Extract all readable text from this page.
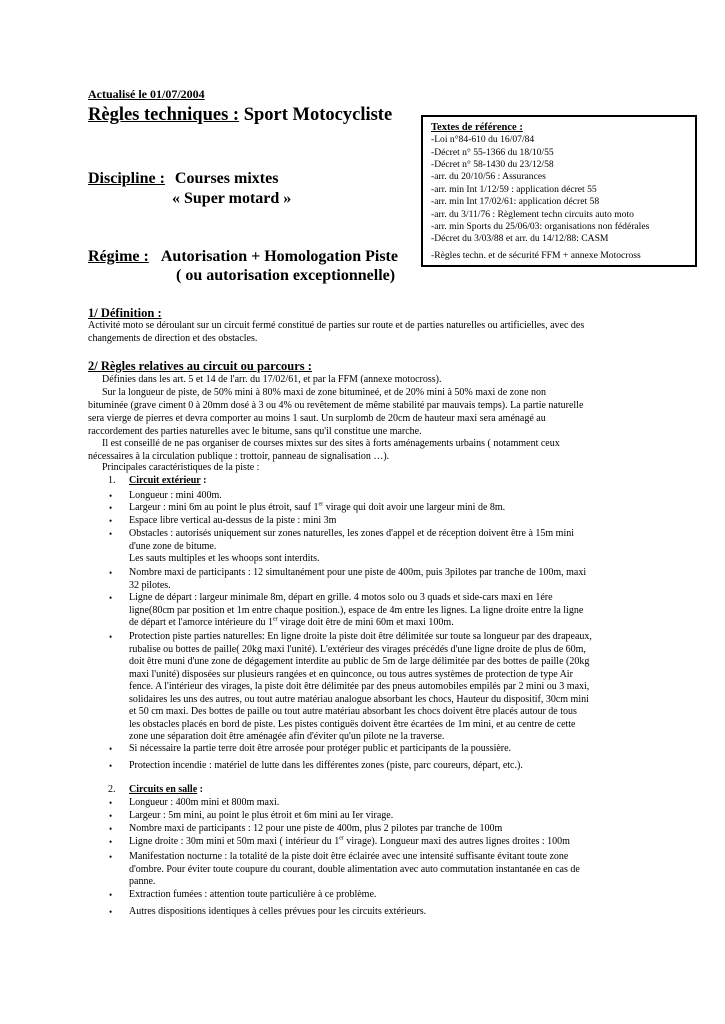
Actualisé le 01/07/2004
Règles techniques : Sport Motocycliste
Discipline : Courses mixtes
« Super motard »
Régime : Autorisation + Homologation Piste
( ou autorisation exceptionnelle)
Textes de référence :
-Loi n°84-610 du 16/07/84
-Décret n° 55-1366 du 18/10/55
-Décret n° 58-1430 du 23/12/58
-arr. du 20/10/56 : Assurances
-arr. min Int 1/12/59 : application décret 55
-arr. min Int 17/02/61: application décret 58
-arr. du 3/11/76 : Règlement techn circuits auto moto
-arr. min Sports du 25/06/03: organisations non fédérales
-Décret du 3/03/88 et arr. du 14/12/88: CASM
-Règles techn. et de sécurité FFM + annexe Motocross
1/ Définition :
Activité moto se déroulant sur un circuit fermé constitué de parties sur route et de parties naturelles ou artificielles, avec des
changements de direction et des obstacles.
2/ Règles relatives au circuit ou parcours :
Définies dans les art. 5 et 14 de l'arr. du 17/02/61, et par la FFM (annexe motocross).
Sur la longueur de piste, de 50% mini à 80% maxi de zone bitumineé, et de 20% mini à 50% maxi de zone non
bituminée (grave ciment 0 à 20mm dosé à 3 ou 4% ou revêtement de même stabilité par mauvais temps). La partie naturelle
sera vierge de pierres et devra comporter au moins 1 saut. Un surplomb de 20cm de hauteur maxi sera aménagé au
raccordement des parties naturelles avec le bitume, sans qu'il constitue une marche.
Il est conseillé de ne pas organiser de courses mixtes sur des sites à forts aménagements urbains ( notamment ceux
nécessaires à la circulation publique : trottoir, panneau de signalisation …).
Principales caractéristiques de la piste :
1. Circuit extérieur :
Longueur : mini 400m.
•
Largeur : mini 6m au point le plus étroit, sauf 1er virage qui doit avoir une largeur mini de 8m.
•
Espace libre vertical au-dessus de la piste : mini 3m
•
Obstacles : autorisés uniquement sur zones naturelles, les zones d'appel et de réception doivent être à 15m mini
d'une zone de bitume.
Les sauts multiples et les whoops sont interdits.
•
Nombre maxi de participants : 12 simultanément pour une piste de 400m, puis 3pilotes par tranche de 100m, maxi
32 pilotes.
•
Ligne de départ : largeur minimale 8m, départ en grille. 4 motos solo ou 3 quads et side-cars maxi en 1ére
ligne(80cm par position et 1m entre chaque position.), espace de 4m entre les lignes. La ligne droite entre la ligne
de départ et l'amorce intérieure du 1er virage doit être de mini 60m et maxi 100m.
•
Protection piste parties naturelles: En ligne droite la piste doit être délimitée sur toute sa longueur par des drapeaux,
rubalise ou bottes de paille( 20kg maxi l'unité). L'extérieur des virages précédés d'une ligne droite de plus de 60m,
doit être muni d'une zone de dégagement interdite au public de 5m de large délimitée par des bottes de paille (20kg
maxi l'unité) disposées sur plusieurs rangées et en quinconce, ou tous autres systèmes de protection de type Air
fence. A l'intérieur des virages, la piste doit être délimitée par des pneus automobiles empilés par 2 mini ou 3 maxi,
solidaires les uns des autres, ou tout autre matériau analogue absorbant les chocs, Hauteur du dispositif, 30cm mini
et 50 cm maxi. Des bottes de paille ou tout autre matériau absorbant les chocs doivent être placés autour de tous
les obstacles placés en bord de piste. Les pistes contiguës doivent être écartées de 1m mini, et au centre de cette
zone une séparation doit être aménagée afin d'éviter qu'un pilote ne la traverse.
•
Si nécessaire la partie terre doit être arrosée pour protéger public et participants de la poussière.
•
Protection incendie : matériel de lutte dans les différentes zones (piste, parc coureurs, départ, etc.).
•
2. Circuits en salle :
Longueur : 400m mini et 800m maxi.
•
Largeur : 5m mini, au point le plus étroit et 6m mini au Ier virage.
•
Nombre maxi de participants : 12 pour une piste de 400m, plus 2 pilotes par tranche de 100m
•
Ligne droite : 30m mini et 50m maxi ( intérieur du 1er virage). Longueur maxi des autres lignes droites : 100m
•
Manifestation nocturne : la totalité de la piste doit être éclairée avec une intensité suffisante évitant toute zone
d'ombre. Pour éviter toute coupure du courant, double alimentation avec auto commutation instantanée en cas de
panne.
•
Extraction fumées : attention toute particulière à ce problème.
•
Autres dispositions identiques à celles prévues pour les circuits extérieurs.
•
